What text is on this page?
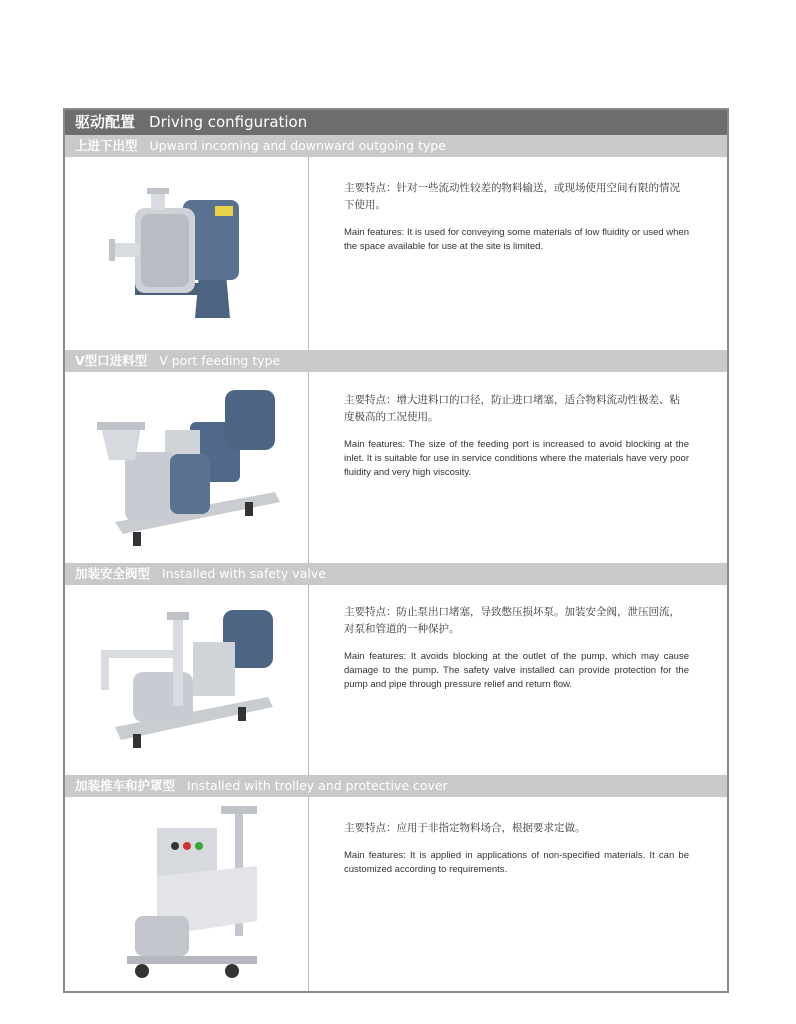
驱动配置 Driving configuration
上进下出型 Upward incoming and downward outgoing type

主要特点：针对一些流动性较差的物料输送，或现场使用空间有限的情况下使用。

Main features: It is used for conveying some materials of low fluidity or used when the space available for use at the site is limited.

V型口进料型 V port feeding type

主要特点：增大进料口的口径，防止进口堵塞，适合物料流动性极差、粘度极高的工况使用。

Main features: The size of the feeding port is increased to avoid blocking at the inlet. It is suitable for use in service conditions where the materials have very poor fluidity and very high viscosity.

加装安全阀型 Installed with safety valve

主要特点：防止泵出口堵塞，导致憋压损坏泵。加装安全阀，泄压回流，对泵和管道的一种保护。

Main features: It avoids blocking at the outlet of the pump, which may cause damage to the pump. The safety valve installed can provide protection for the pump and pipe through pressure relief and return flow.

加装推车和护罩型 Installed with trolley and protective cover

主要特点：应用于非指定物料场合，根据要求定做。

Main features: It is applied in applications of non-specified materials. It can be customized according to requirements.
